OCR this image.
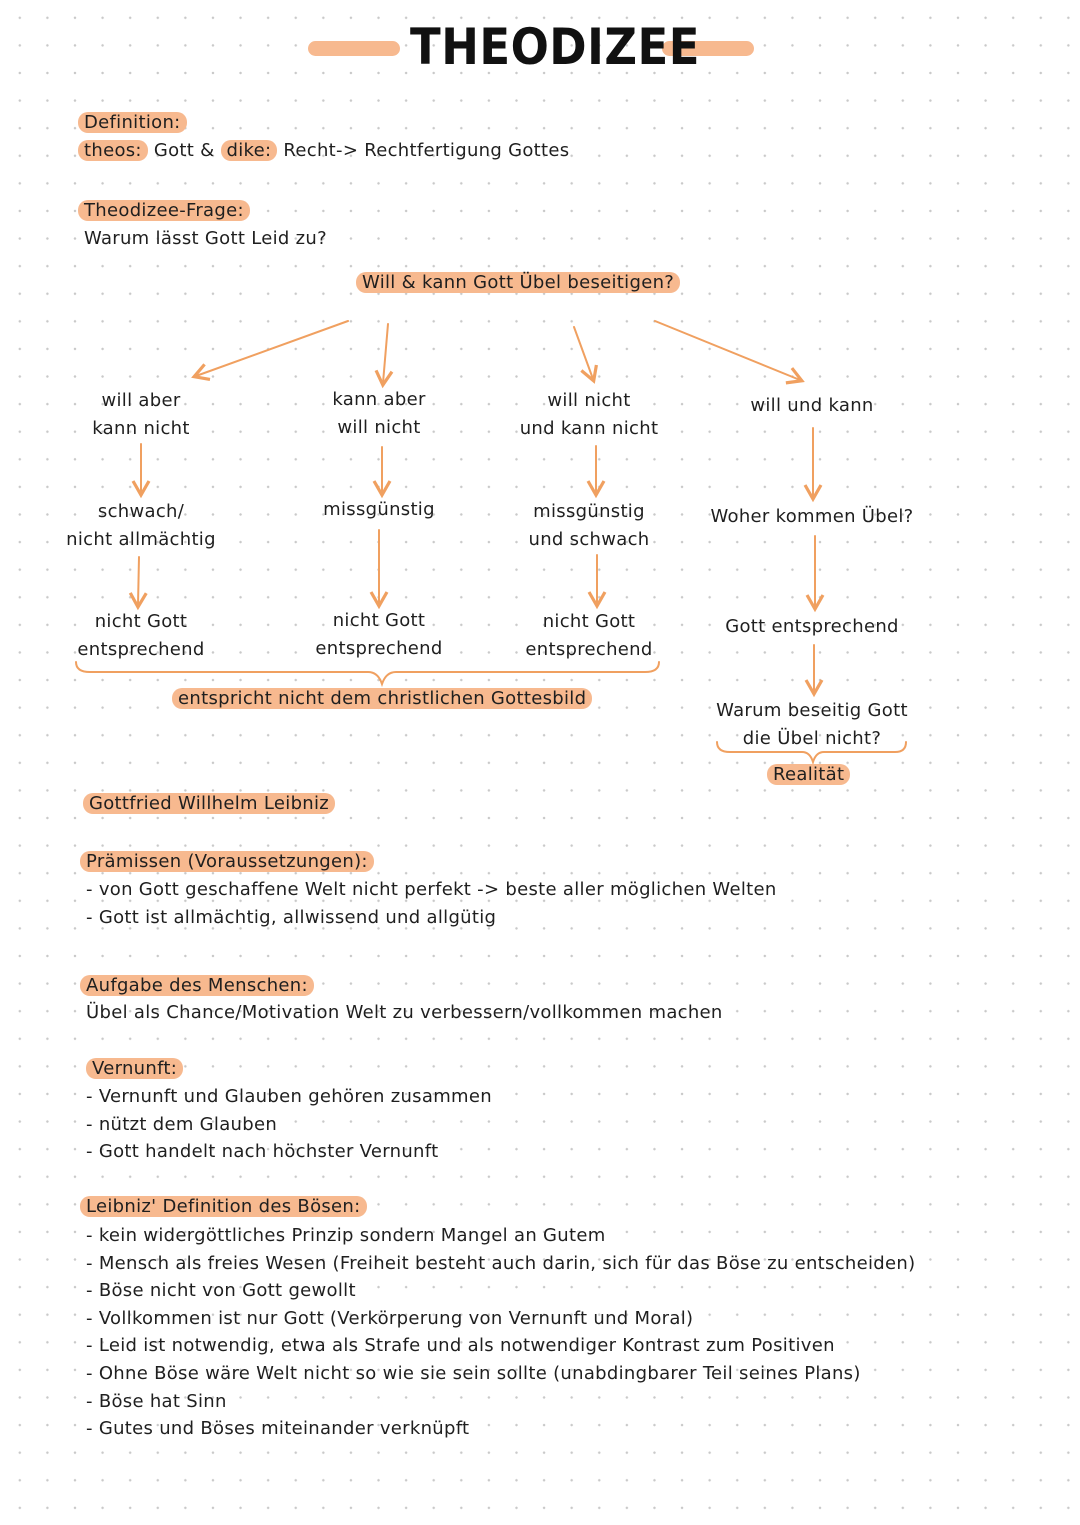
THEODIZEE
Definition:
theos: Gott & dike: Recht-> Rechtfertigung Gottes
Theodizee-Frage:
Warum lässt Gott Leid zu?
Will & kann Gott Übel beseitigen?
will aber
kann nicht
schwach/
nicht allmächtig
nicht Gott
entsprechend
kann aber
will nicht
missgünstig
nicht Gott
entsprechend
will nicht
und kann nicht
missgünstig
und schwach
nicht Gott
entsprechend
will und kann
Woher kommen Übel?
Gott entsprechend
Warum beseitig Gott
die Übel nicht?
Realität
entspricht nicht dem christlichen Gottesbild
Gottfried Willhelm Leibniz
Prämissen (Voraussetzungen):
- von Gott geschaffene Welt nicht perfekt -> beste aller möglichen Welten
- Gott ist allmächtig, allwissend und allgütig
Aufgabe des Menschen:
Übel als Chance/Motivation Welt zu verbessern/vollkommen machen
Vernunft:
- Vernunft und Glauben gehören zusammen
- nützt dem Glauben
- Gott handelt nach höchster Vernunft
Leibniz' Definition des Bösen:
- kein widergöttliches Prinzip sondern Mangel an Gutem
- Mensch als freies Wesen (Freiheit besteht auch darin, sich für das Böse zu entscheiden)
- Böse nicht von Gott gewollt
- Vollkommen ist nur Gott (Verkörperung von Vernunft und Moral)
- Leid ist notwendig, etwa als Strafe und als notwendiger Kontrast zum Positiven
- Ohne Böse wäre Welt nicht so wie sie sein sollte (unabdingbarer Teil seines Plans)
- Böse hat Sinn
- Gutes und Böses miteinander verknüpft
